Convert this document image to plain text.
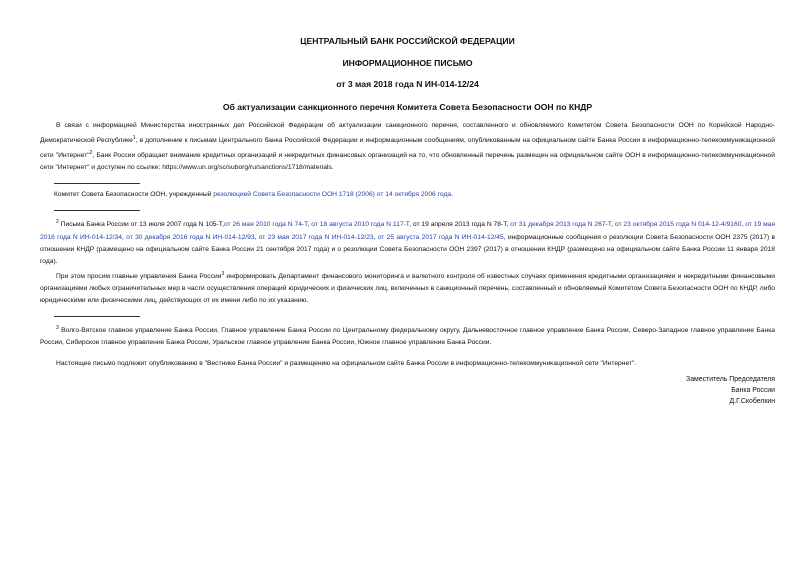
ЦЕНТРАЛЬНЫЙ БАНК РОССИЙСКОЙ ФЕДЕРАЦИИ
ИНФОРМАЦИОННОЕ ПИСЬМО
от 3 мая 2018 года N ИН-014-12/24
Об актуализации санкционного перечня Комитета Совета Безопасности ООН по КНДР

В связи с информацией Министерства иностранных дел Российской Федерации об актуализации санкционного перечня, составленного и обновляемого Комитетом Совета Безопасности ООН по Корейской Народно-Демократической Республике$^1$, в дополнение к письмам Центрального банка Российской Федерации и информационным сообщениям, опубликованным на официальном сайте Банка России в информационно-телекоммуникационной сети "Интернет"$^2$, Банк России обращает внимание кредитных организаций и некредитных финансовых организаций на то, что обновленный перечень размещен на официальном сайте ООН в информационно-телекоммуникационной сети "Интернет" и доступен по ссылке: https://www.un.org/sc/suborg/ru/sanctions/1718/materials.

Комитет Совета Безопасности ООН, учрежденный резолюцией Совета Безопасности ООН 1718 (2006) от 14 октября 2006 года.
$^2$ Письма Банка России от 13 июля 2007 года N 105-Т,от 26 мая 2010 года N 74-Т, от 18 августа 2010 года N 117-Т, от 19 апреля 2013 года N 78-Т, от 31 декабря 2013 года N 267-Т, от 23 октября 2015 года N 014-12-4/9160, от 19 мая 2016 года N ИН-014-12/34, от 30 декабря 2016 года N ИН-014-12/93, от 23 мая 2017 года N ИН-014-12/23, от 25 августа 2017 года N ИН-014-12/45, информационные сообщения о резолюции Совета Безопасности ООН 2375 (2017) в отношении КНДР (размещено на официальном сайте Банка России 21 сентября 2017 года) и о резолюции Совета Безопасности ООН 2397 (2017) в отношении КНДР (размещено на официальном сайте Банка России 11 января 2018 года).

При этом просим главные управления Банка России$^3$ информировать Департамент финансового мониторинга и валютного контроля об известных случаях применения кредитными организациями и некредитными финансовыми организациями любых ограничительных мер в части осуществления операций юридических и физических лиц, включенных в санкционный перечень, составленный и обновляемый Комитетом Совета Безопасности ООН по КНДР, либо юридическими или физическими лиц, действующих от их имени либо по их указанию.

$^3$ Волго-Вятское главное управление Банка России, Главное управление Банка России по Центральному федеральному округу, Дальневосточное главное управление Банка России, Северо-Западное главное управление Банка России, Сибирское главное управление Банка России, Уральское главное управление Банка России, Южное главное управление Банка России.

Настоящее письмо подлежит опубликованию в "Вестнике Банка России" и размещению на официальном сайте Банка России в информационно-телекоммуникационной сети "Интернет".

Заместитель Председателя
Банка России
Д.Г.Скобелкин
